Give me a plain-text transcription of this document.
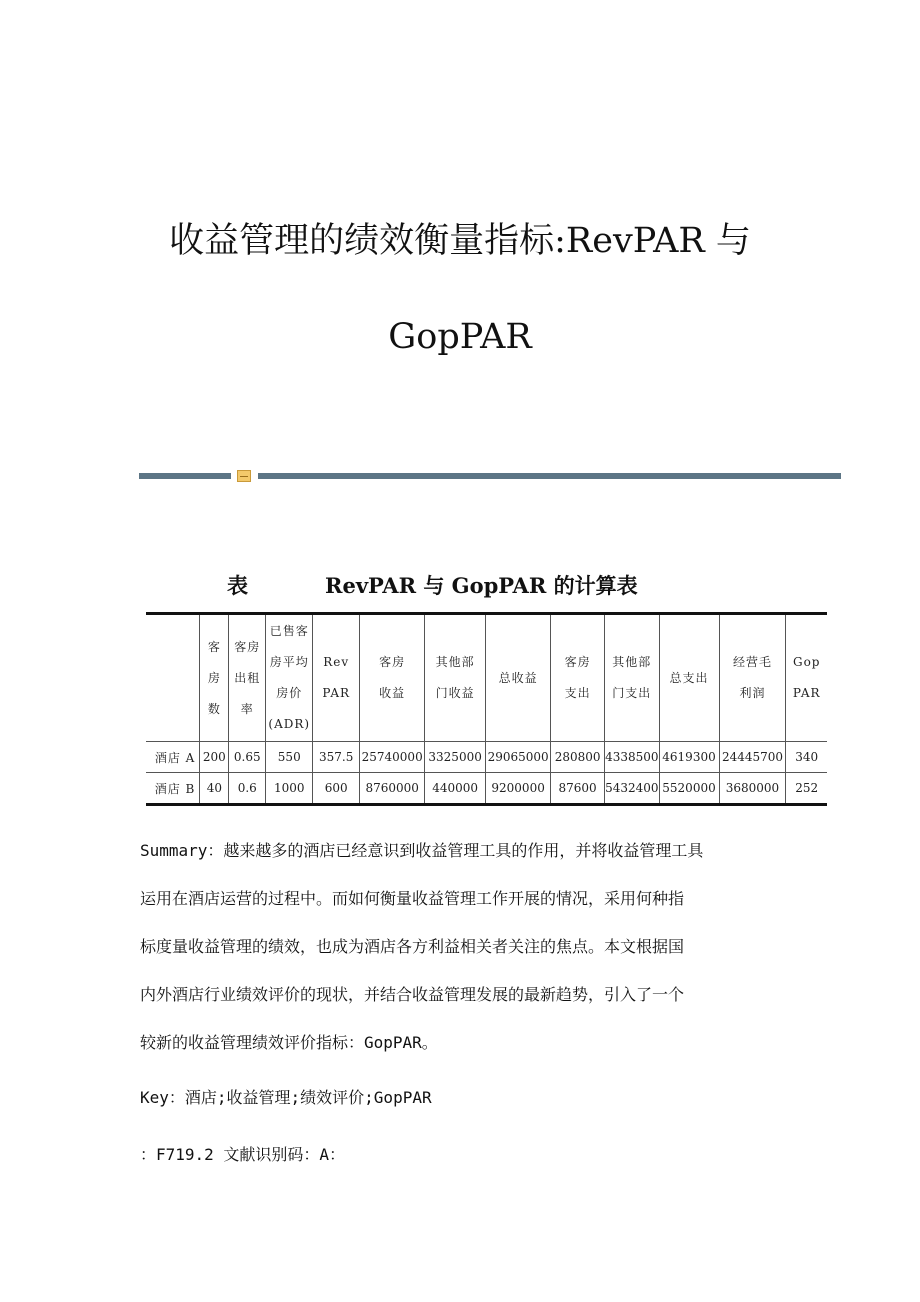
收益管理的绩效衡量指标:RevPAR 与
GopPAR
表	RevPAR 与 GopPAR 的计算表
	客
房
数	客房
出租
率	已售客
房平均
房价
(ADR)	Rev
PAR	客房
收益	其他部
门收益	总收益	客房
支出	其他部
门支出	总支出	经营毛
利润	Gop
PAR
酒店 A	200	0.65	550	357.5	25740000	3325000	29065000	280800	4338500	4619300	24445700	340
酒店 B	40	0.6	1000	600	8760000	440000	9200000	87600	5432400	5520000	3680000	252

Summary：越来越多的酒店已经意识到收益管理工具的作用，并将收益管理工具

运用在酒店运营的过程中。而如何衡量收益管理工作开展的情况，采用何种指

标度量收益管理的绩效，也成为酒店各方利益相关者关注的焦点。本文根据国

内外酒店行业绩效评价的现状，并结合收益管理发展的最新趋势，引入了一个

较新的收益管理绩效评价指标：GopPAR。

Key：酒店;收益管理;绩效评价;GopPAR
：F719.2 文献识别码：A：
